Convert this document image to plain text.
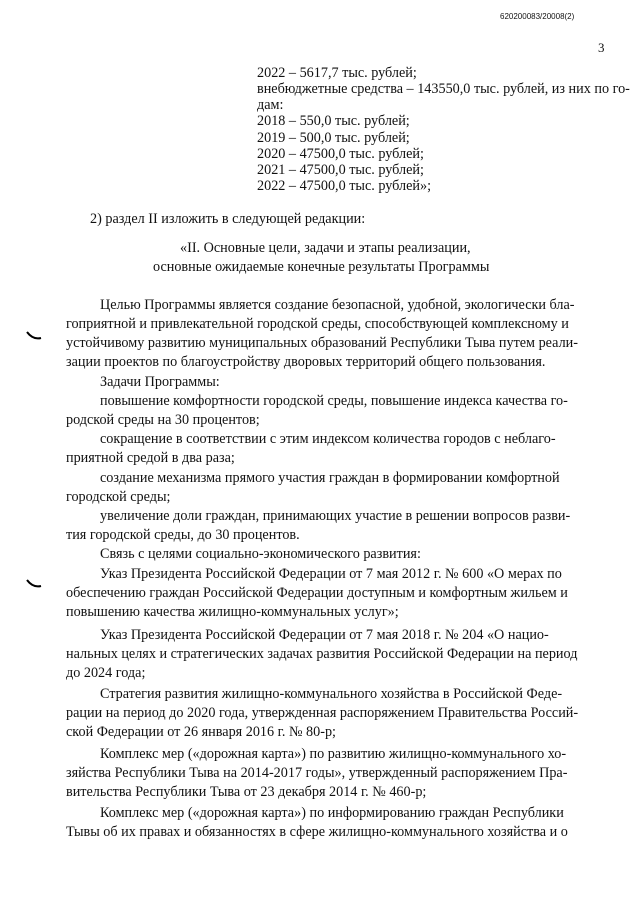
620200083/20008(2)
3
2022 – 5617,7 тыс. рублей;
внебюджетные средства – 143550,0 тыс. рублей, из них по го-
дам:
2018 – 550,0 тыс. рублей;
2019 – 500,0 тыс. рублей;
2020 – 47500,0 тыс. рублей;
2021 – 47500,0 тыс. рублей;
2022 – 47500,0 тыс. рублей»;
2) раздел II изложить в следующей редакции:
«II. Основные цели, задачи и этапы реализации,
основные ожидаемые конечные результаты Программы
Целью Программы является создание безопасной, удобной, экологически бла-
гоприятной и привлекательной городской среды, способствующей комплексному и
устойчивому развитию муниципальных образований Республики Тыва путем реали-
зации проектов по благоустройству дворовых территорий общего пользования.
Задачи Программы:
повышение комфортности городской среды, повышение индекса качества го-
родской среды на 30 процентов;
сокращение в соответствии с этим индексом количества городов с неблаго-
приятной средой в два раза;
создание механизма прямого участия граждан в формировании комфортной
городской среды;
увеличение доли граждан, принимающих участие в решении вопросов разви-
тия городской среды, до 30 процентов.
Связь с целями социально-экономического развития:
Указ Президента Российской Федерации от 7 мая 2012 г. № 600 «О мерах по
обеспечению граждан Российской Федерации доступным и комфортным жильем и
повышению качества жилищно-коммунальных услуг»;
Указ Президента Российской Федерации от 7 мая 2018 г. № 204 «О нацио-
нальных целях и стратегических задачах развития Российской Федерации на период
до 2024 года;
Стратегия развития жилищно-коммунального хозяйства в Российской Феде-
рации на период до 2020 года, утвержденная распоряжением Правительства Россий-
ской Федерации от 26 января 2016 г. № 80-р;
Комплекс мер («дорожная карта») по развитию жилищно-коммунального хо-
зяйства Республики Тыва на 2014-2017 годы», утвержденный распоряжением Пра-
вительства Республики Тыва от 23 декабря 2014 г. № 460-р;
Комплекс мер («дорожная карта») по информированию граждан Республики
Тывы об их правах и обязанностях в сфере жилищно-коммунального хозяйства и о
